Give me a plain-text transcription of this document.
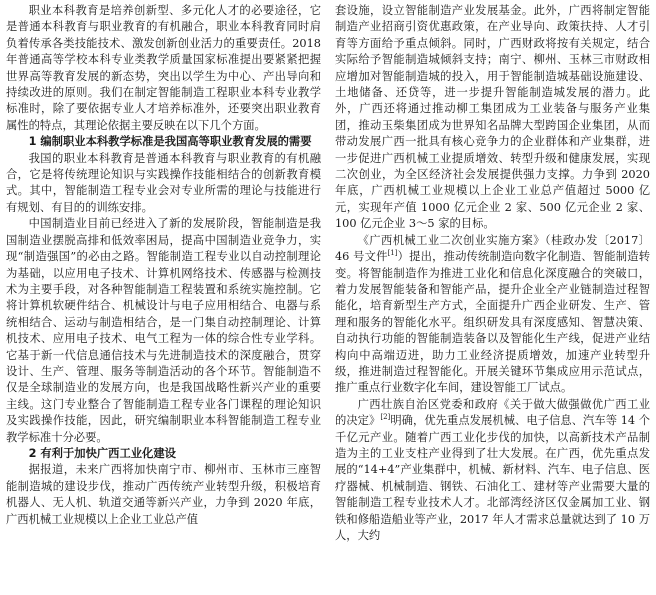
职业本科教育是培养创新型、多元化人才的必要途径，它是普通本科教育与职业教育的有机融合，职业本科教育同时肩负着传承各类技能技术、激发创新创业活力的重要责任。2018 年普通高等学校本科专业类教学质量国家标准提出要紧紧把握世界高等教育发展的新态势，突出以学生为中心、产出导向和持续改进的原则。我们在制定智能制造工程职业本科专业教学标准时，除了要依据专业人才培养标准外，还要突出职业教育属性的特点，其理论依据主要反映在以下几个方面。

1 编制职业本科教学标准是我国高等职业教育发展的需要

我国的职业本科教育是普通本科教育与职业教育的有机融合，它是将传统理论知识与实践操作技能相结合的创新教育模式。其中，智能制造工程专业会对专业所需的理论与技能进行有规划、有目的的训练安排。

中国制造业目前已经进入了新的发展阶段，智能制造是我国制造业摆脱高排和低效率困局，提高中国制造业竞争力，实现“制造强国”的必由之路。智能制造工程专业以自动控制理论为基础，以应用电子技术、计算机网络技术、传感器与检测技术为主要手段，对各种智能制造工程装置和系统实施控制。它将计算机软硬件结合、机械设计与电子应用相结合、电器与系统相结合、运动与制造相结合，是一门集自动控制理论、计算机技术、应用电子技术、电气工程为一体的综合性专业学科。它基于新一代信息通信技术与先进制造技术的深度融合，贯穿设计、生产、管理、服务等制造活动的各个环节。智能制造不仅是全球制造业的发展方向，也是我国战略性新兴产业的重要主线。这门专业整合了智能制造工程专业各门课程的理论知识及实践操作技能，因此，研究编制职业本科智能制造工程专业教学标准十分必要。

2 有利于加快广西工业化建设

据报道，未来广西将加快南宁市、柳州市、玉林市三座智能制造城的建设步伐，推动广西传统产业转型升级，积极培育机器人、无人机、轨道交通等新兴产业，力争到 2020 年底，广西机械工业规模以上企业工业总产值

套设施，设立智能制造产业发展基金。此外，广西将制定智能制造产业招商引资优惠政策，在产业导向、政策扶持、人才引育等方面给予重点倾斜。同时，广西财政将按有关规定，结合实际给予智能制造城倾斜支持；南宁、柳州、玉林三市财政相应增加对智能制造城的投入，用于智能制造城基础设施建设、土地储备、还贷等，进一步提升智能制造城发展的潜力。此外，广西还将通过推动柳工集团成为工业装备与服务产业集团，推动玉柴集团成为世界知名品牌大型跨国企业集团，从而带动发展广西一批具有核心竞争力的企业群体和产业集群，进一步促进广西机械工业提质增效、转型升级和健康发展，实现二次创业，为全区经济社会发展提供强力支撑。力争到 2020 年底，广西机械工业规模以上企业工业总产值超过 5000 亿元，实现年产值 1000 亿元企业 2 家、500 亿元企业 2 家、100 亿元企业 3～5 家的目标。

《广西机械工业二次创业实施方案》（桂政办发〔2017〕46 号文件[1]）提出，推动传统制造向数字化制造、智能制造转变。将智能制造作为推进工业化和信息化深度融合的突破口，着力发展智能装备和智能产品，提升企业全产业链制造过程智能化，培育新型生产方式，全面提升广西企业研发、生产、管理和服务的智能化水平。组织研发具有深度感知、智慧决策、自动执行功能的智能制造装备以及智能化生产线，促进产业结构向中高端迈进，助力工业经济提质增效，加速产业转型升级，推进制造过程智能化。开展关键环节集成应用示范试点，推广重点行业数字化车间，建设智能工厂试点。

广西壮族自治区党委和政府《关于做大做强做优广西工业的决定》[2]明确，优先重点发展机械、电子信息、汽车等 14 个千亿元产业。随着广西工业化步伐的加快，以高新技术产品制造为主的工业支柱产业得到了壮大发展。在广西，优先重点发展的“14+4”产业集群中，机械、新材料、汽车、电子信息、医疗器械、机械制造、钢铁、石油化工、建材等产业需要大量的智能制造工程专业技术人才。北部湾经济区仅金属加工业、钢铁和修船造船业等产业，2017 年人才需求总量就达到了 10 万人，大约
